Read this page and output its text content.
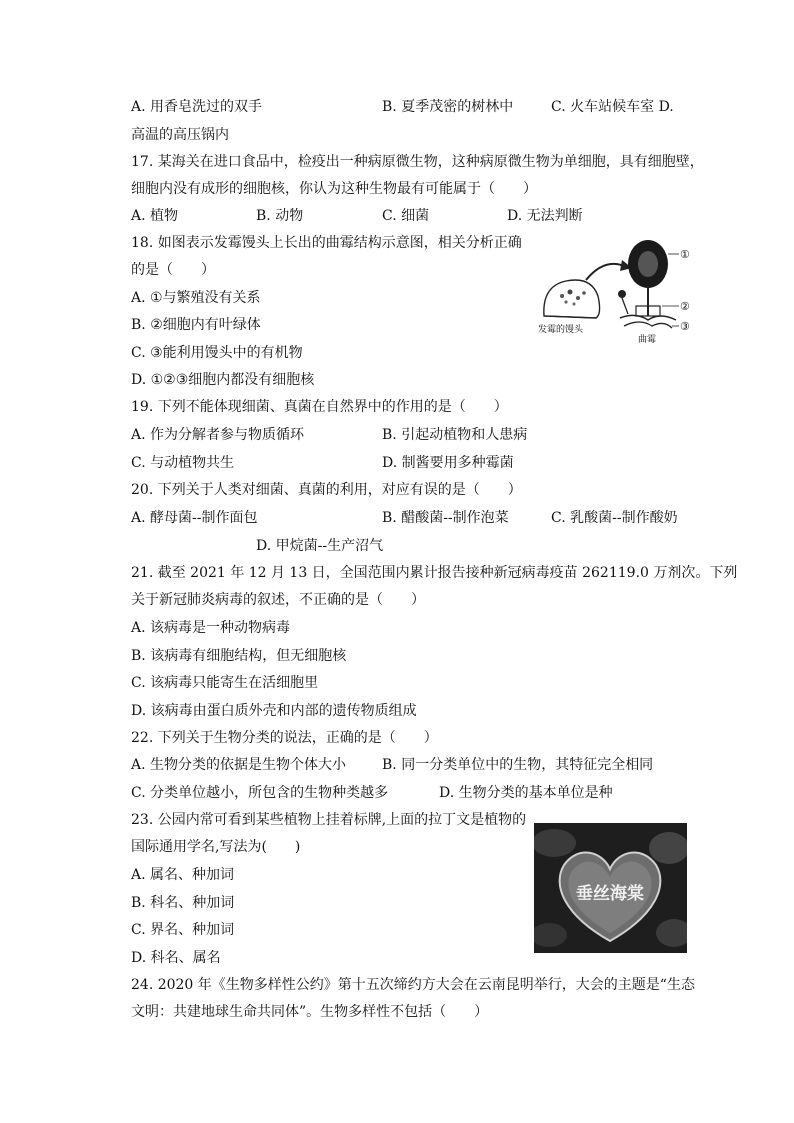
A. 用香皂洗过的双手	B. 夏季茂密的树林中	C. 火车站候车室 D.
高温的高压锅内
17. 某海关在进口食品中，检疫出一种病原微生物，这种病原微生物为单细胞，具有细胞壁，
细胞内没有成形的细胞核，你认为这种生物最有可能属于（　　）
A. 植物	B. 动物	C. 细菌	D. 无法判断
18. 如图表示发霉馒头上长出的曲霉结构示意图，相关分析正确
的是（　　）
A. ①与繁殖没有关系
B. ②细胞内有叶绿体
C. ③能利用馒头中的有机物
D. ①②③细胞内都没有细胞核
①
②
③
发霉的馒头
曲霉
19. 下列不能体现细菌、真菌在自然界中的作用的是（　　）
A. 作为分解者参与物质循环	B. 引起动植物和人患病
C. 与动植物共生	D. 制酱要用多种霉菌
20. 下列关于人类对细菌、真菌的利用，对应有误的是（　　）
A. 酵母菌--制作面包	B. 醋酸菌--制作泡菜	C. 乳酸菌--制作酸奶
D. 甲烷菌--生产沼气
21. 截至 2021 年 12 月 13 日，全国范围内累计报告接种新冠病毒疫苗 262119.0 万剂次。下列
关于新冠肺炎病毒的叙述，不正确的是（　　）
A. 该病毒是一种动物病毒
B. 该病毒有细胞结构，但无细胞核
C. 该病毒只能寄生在活细胞里
D. 该病毒由蛋白质外壳和内部的遗传物质组成
22. 下列关于生物分类的说法，正确的是（　　）
A. 生物分类的依据是生物个体大小	B. 同一分类单位中的生物，其特征完全相同
C. 分类单位越小，所包含的生物种类越多	D. 生物分类的基本单位是种
23. 公园内常可看到某些植物上挂着标牌,上面的拉丁文是植物的
国际通用学名,写法为(　　)
A. 属名、种加词
B. 科名、种加词
C. 界名、种加词
D. 科名、属名
垂丝海棠
24. 2020 年《生物多样性公约》第十五次缔约方大会在云南昆明举行，大会的主题是“生态
文明：共建地球生命共同体”。生物多样性不包括（　　）
